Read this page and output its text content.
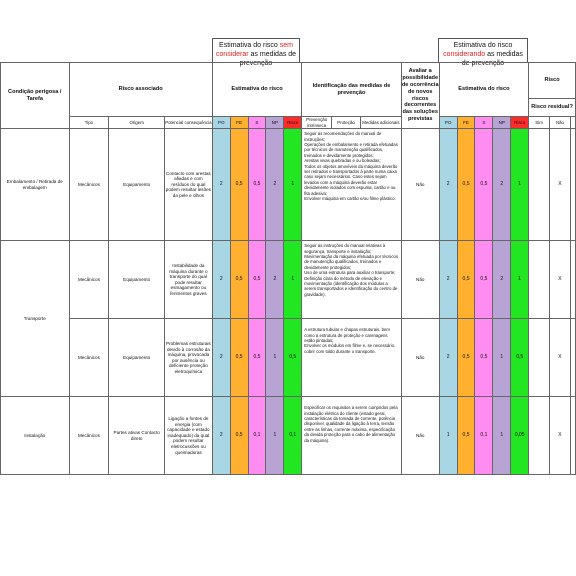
Estimativa do risco sem considerar as medidas de prevenção
Estimativa do risco considerando as medidas de prevenção
Condição perigosa / Tarefa	Risco associado			Estimativa do risco					Identificação das medidas de prevenção			Avaliar a possibilidade de ocorrência de novos riscos decorrentes das soluções previstas	Estimativa do risco					Risco		
																		Risco residual?		
	Tipo	Origem	Potencial consequência	PO	FE	S	NP	Risco	Prevenção intrínseca	Proteção	Medidas adicionais		PO	FE	S	NP	Risco	Sim	Não	
Embalamento / Retirada de embalagem	Mecânicos	Equipamento	Contacto com arestas afiadas e com resíduos do qual podem resultar lesões da pele e olhos	2	0,5	0,5	2	1	Seguir as recomendações do manual de instruções;
Operações de embalamento e retirada efetuadas por técnicos de manutenção qualificados, treinados e devidamente protegidos;
Arestas vivas quebradas e ou boleadas;
Todos os objetos amovíveis da máquina deverão ser retirados e transportados à parte numa caixa caso sejam necessários. Caso estes sejam levados com a máquina deverão estar devidamente isolados com espuma, cartão e ou fita adesiva;
Envolver máquina em cartão e/ou filme plástico.			Não	2	0,5	0,5	2	1		X	
Transporte	Mecânicos	Equipamento	Instabilidade da máquina durante o transporte do qual pode resultar esmagamento ou ferimentos graves	2	0,5	0,5	2	1	Seguir as instruções do manual relativas à segurança, transporte e instalação;
Movimentação da máquina efetuada por técnicos de manutenção qualificados, treinados e devidamente protegidos;
Uso de uma estrutura para auxiliar o transporte;
Definição clara do método de elevação e movimentação (identificação dos módulos a serem transportados e identificação do centro de gravidade).			Não	2	0,5	0,5	2	1		X	
	Mecânicos	Equipamento	Problemas estruturais devido à corrosão da máquina, provocada por ausência ou deficiente proteção eletroquímica	2	0,5	0,5	1	0,5	A estrutura tubular e chapas estruturais, bem como a estrutura de proteção e carenagens estão pintadas;
Envolver os módulos em filme e, se necessário, cobrir com toldo durante o transporte.			Não	2	0,5	0,5	1	0,5		X	
Instalação	Mecânicos	Partes ativas Contacto direto	Ligação a fontes de energia (com capacidade e estado inadequado) da qual podem resultar eletrocussões ou queimaduras	2	0,5	0,1	1	0,1	Especificar os requisitos a serem cumpridos pela instalação elétrica do cliente (estado geral, características da tomada de corrente, potência disponível, qualidade da ligação à terra, tensão entre as linhas, corrente máxima, especificação da devida proteção para o cabo de alimentação da máquina).			Não	1	0,5	0,1	1	0,05		X	
